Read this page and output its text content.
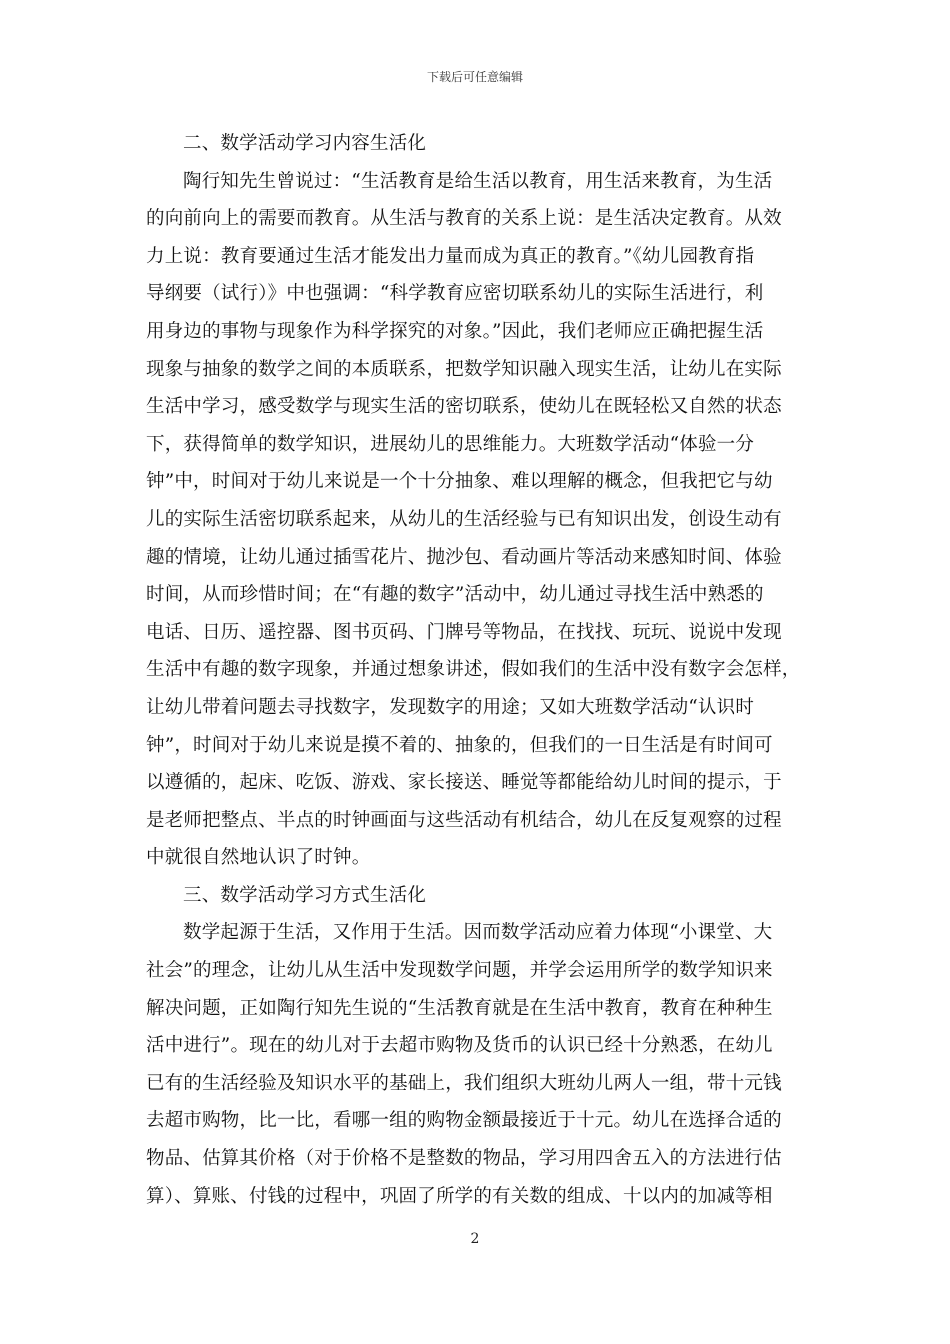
下载后可任意编辑
二、数学活动学习内容生活化
陶行知先生曾说过：“生活教育是给生活以教育，用生活来教育，为生活
的向前向上的需要而教育。从生活与教育的关系上说：是生活决定教育。从效
力上说：教育要通过生活才能发出力量而成为真正的教育。”《幼儿园教育指
导纲要（试行）》中也强调：“科学教育应密切联系幼儿的实际生活进行，利
用身边的事物与现象作为科学探究的对象。”因此，我们老师应正确把握生活
现象与抽象的数学之间的本质联系，把数学知识融入现实生活，让幼儿在实际
生活中学习，感受数学与现实生活的密切联系，使幼儿在既轻松又自然的状态
下，获得简单的数学知识，进展幼儿的思维能力。大班数学活动“体验一分
钟”中，时间对于幼儿来说是一个十分抽象、难以理解的概念，但我把它与幼
儿的实际生活密切联系起来，从幼儿的生活经验与已有知识出发，创设生动有
趣的情境，让幼儿通过插雪花片、抛沙包、看动画片等活动来感知时间、体验
时间，从而珍惜时间；在“有趣的数字”活动中，幼儿通过寻找生活中熟悉的
电话、日历、遥控器、图书页码、门牌号等物品，在找找、玩玩、说说中发现
生活中有趣的数字现象，并通过想象讲述，假如我们的生活中没有数字会怎样，
让幼儿带着问题去寻找数字，发现数字的用途；又如大班数学活动“认识时
钟”，时间对于幼儿来说是摸不着的、抽象的，但我们的一日生活是有时间可
以遵循的，起床、吃饭、游戏、家长接送、睡觉等都能给幼儿时间的提示，于
是老师把整点、半点的时钟画面与这些活动有机结合，幼儿在反复观察的过程
中就很自然地认识了时钟。
三、数学活动学习方式生活化
数学起源于生活，又作用于生活。因而数学活动应着力体现“小课堂、大
社会”的理念，让幼儿从生活中发现数学问题，并学会运用所学的数学知识来
解决问题，正如陶行知先生说的“生活教育就是在生活中教育，教育在种种生
活中进行”。现在的幼儿对于去超市购物及货币的认识已经十分熟悉，在幼儿
已有的生活经验及知识水平的基础上，我们组织大班幼儿两人一组，带十元钱
去超市购物，比一比，看哪一组的购物金额最接近于十元。幼儿在选择合适的
物品、估算其价格（对于价格不是整数的物品，学习用四舍五入的方法进行估
算）、算账、付钱的过程中，巩固了所学的有关数的组成、十以内的加减等相
2
